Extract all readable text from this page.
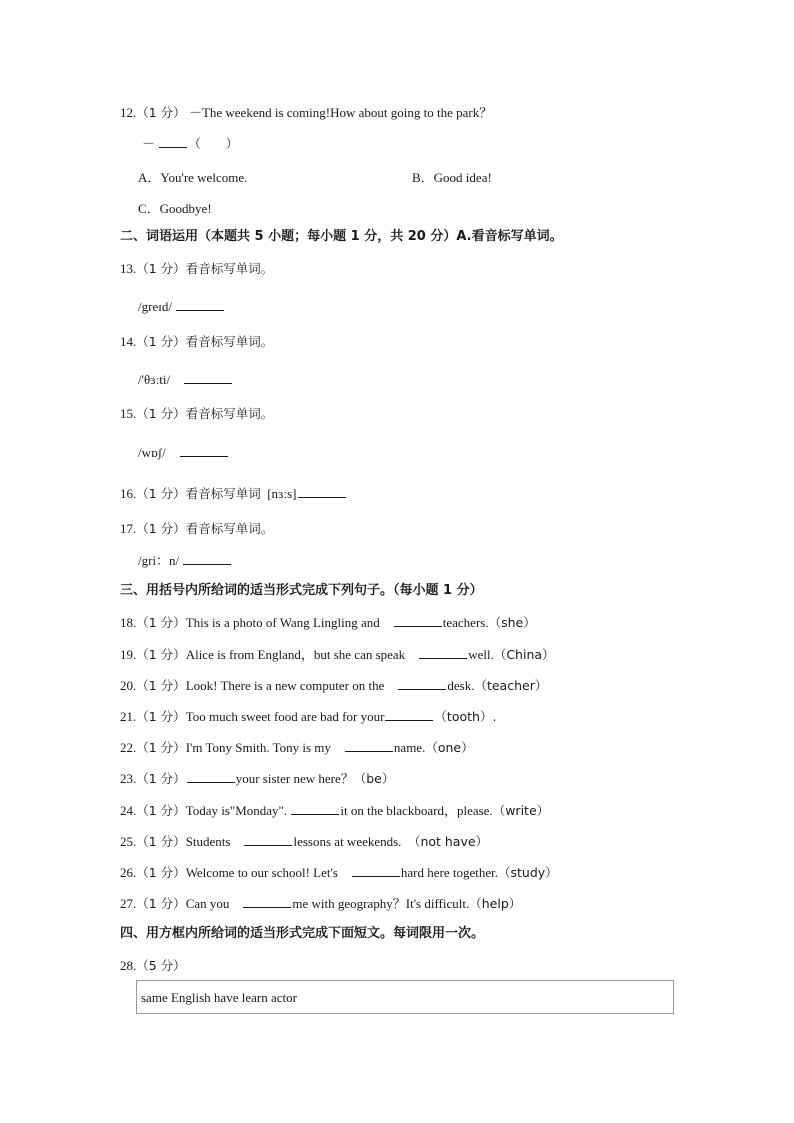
12.（1 分） －The weekend is coming!How about going to the park？
－	（　　）
A．You're welcome.	B．Good idea!
C．Goodbye!
二、词语运用（本题共 5 小题；每小题 1 分，共 20 分）A.看音标写单词。
13.（1 分）看音标写单词。
/greɪd/
14.（1 分）看音标写单词。
/'θɜːti/
15.（1 分）看音标写单词。
/wɒʃ/
16.（1 分）看音标写单词 [nɜːs]
17.（1 分）看音标写单词。
/gri：n/
三、用括号内所给词的适当形式完成下列句子。（每小题 1 分）
18.（1 分）This is a photo of Wang Lingling and	teachers.（she）
19.（1 分）Alice is from England，but she can speak	well.（China）
20.（1 分）Look! There is a new computer on the	desk.（teacher）
21.（1 分）Too much sweet food are bad for your	（tooth）.
22.（1 分）I'm Tony Smith. Tony is my	name.（one）
23.（1 分）	your sister new here？（be）
24.（1 分）Today is"Monday".	it on the blackboard，please.（write）
25.（1 分）Students	lessons at weekends. （not have）
26.（1 分）Welcome to our school! Let's	hard here together.（study）
27.（1 分）Can you	me with geography？It's difficult.（help）
四、用方框内所给词的适当形式完成下面短文。每词限用一次。
28.（5 分）
same English have learn actor
